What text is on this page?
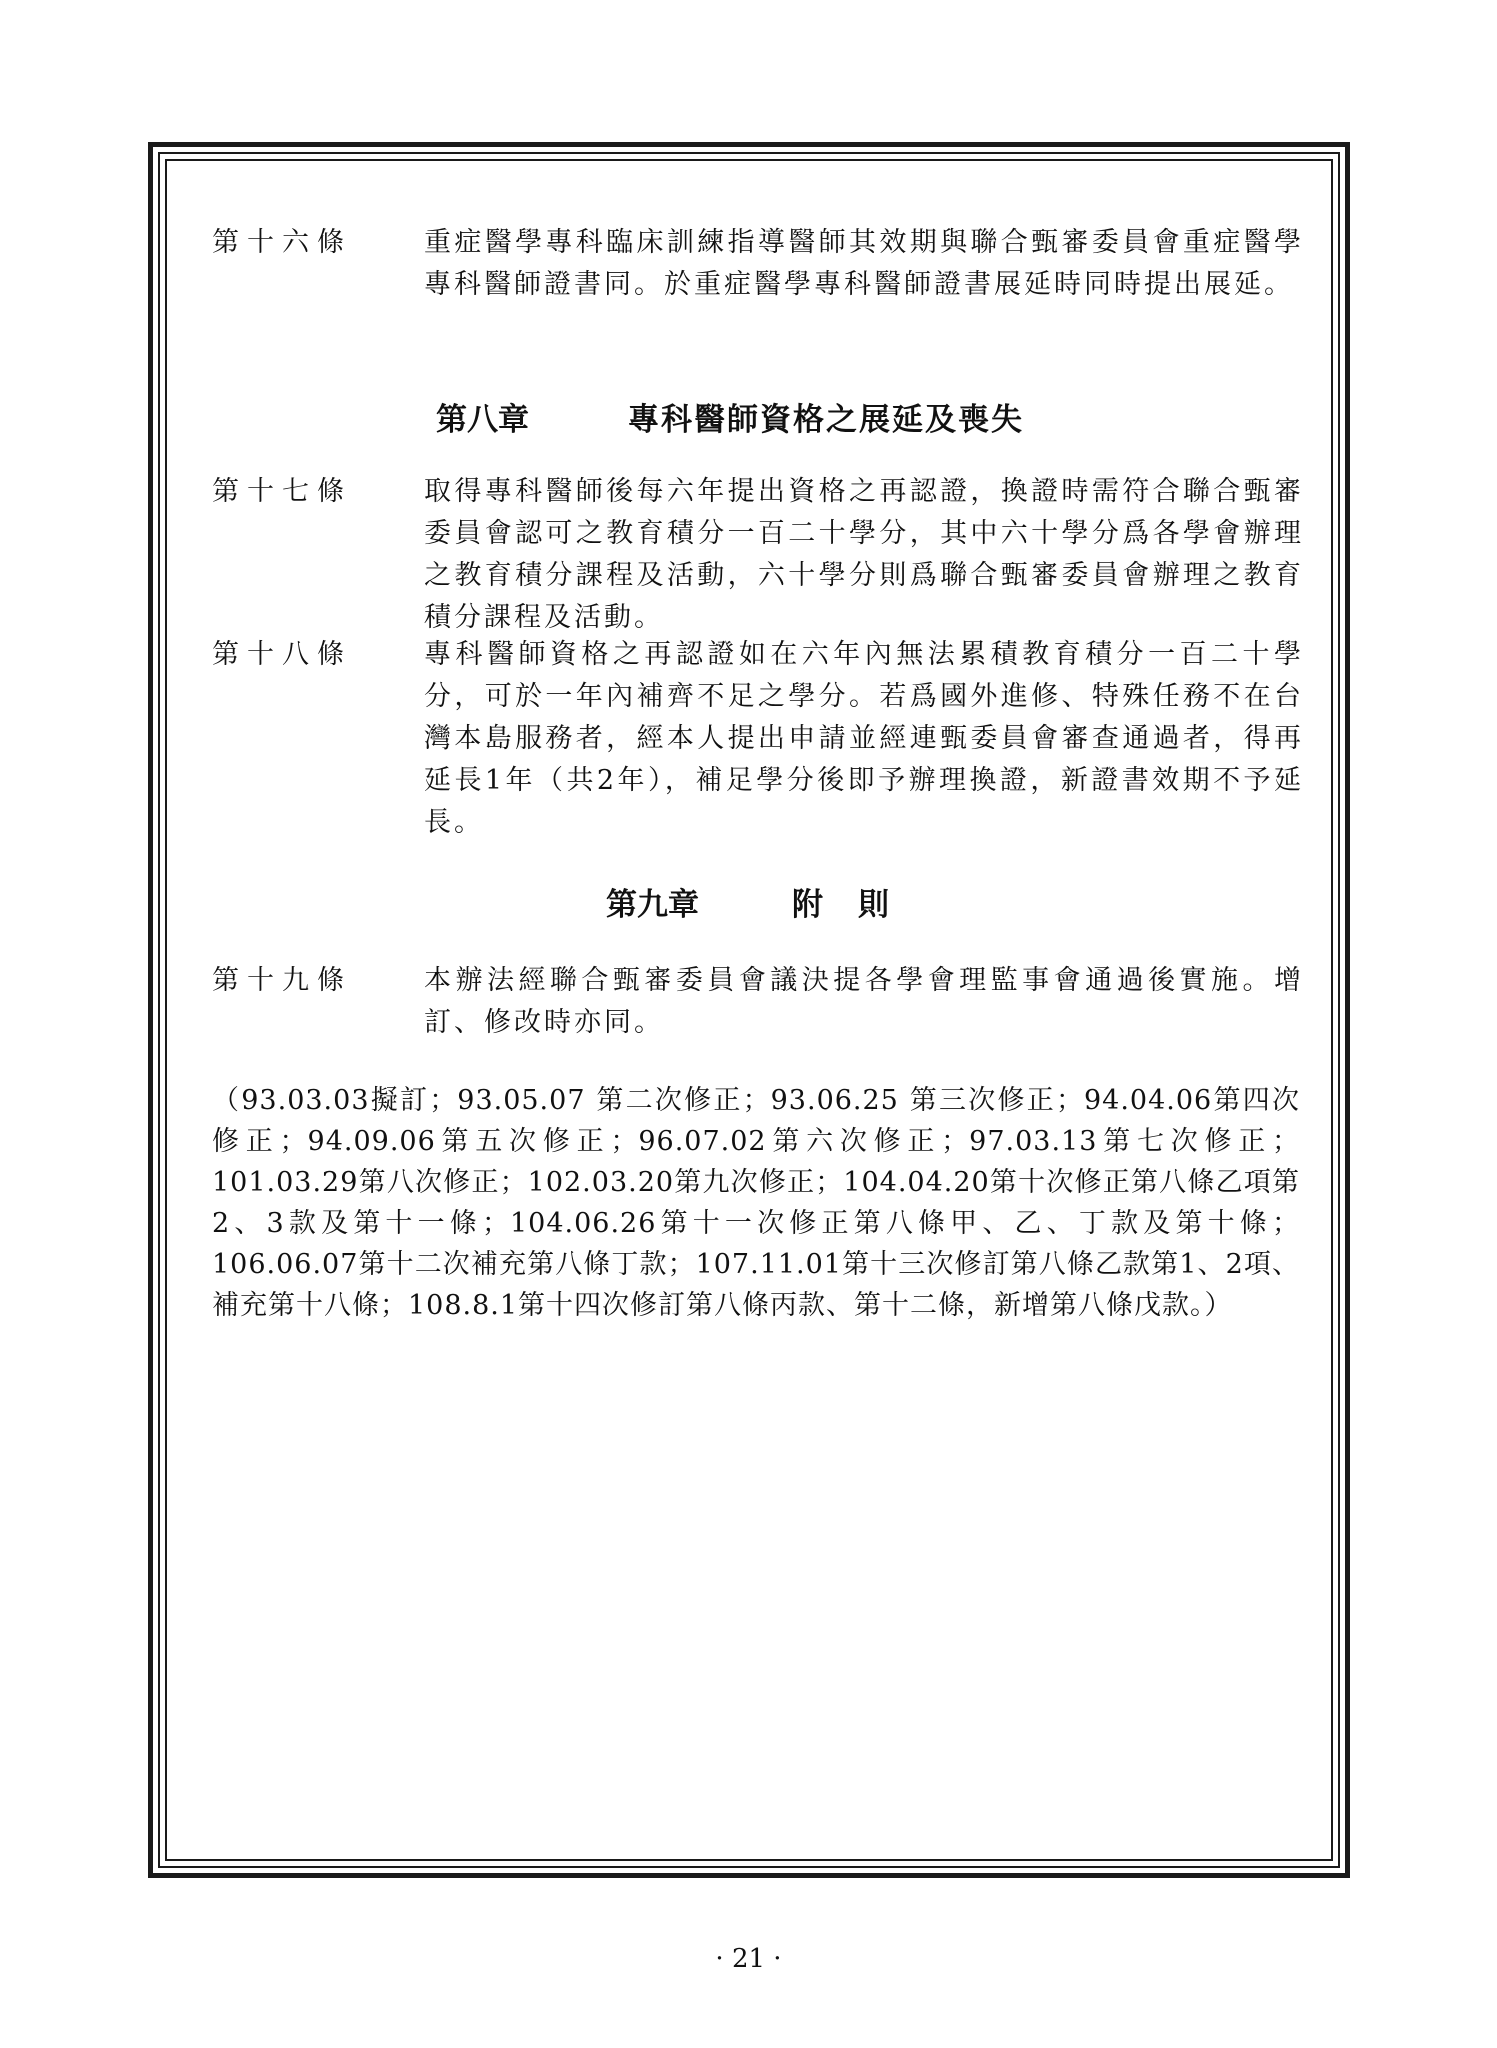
第十六條	重症醫學專科臨床訓練指導醫師其效期與聯合甄審委員會重症醫學專科醫師證書同。於重症醫學專科醫師證書展延時同時提出展延。
第八章	專科醫師資格之展延及喪失
第十七條	取得專科醫師後每六年提出資格之再認證，換證時需符合聯合甄審委員會認可之教育積分一百二十學分，其中六十學分爲各學會辦理之教育積分課程及活動，六十學分則爲聯合甄審委員會辦理之教育積分課程及活動。
第十八條	專科醫師資格之再認證如在六年內無法累積教育積分一百二十學分，可於一年內補齊不足之學分。若爲國外進修、特殊任務不在台灣本島服務者，經本人提出申請並經連甄委員會審查通過者，得再延長1年（共2年），補足學分後即予辦理換證，新證書效期不予延長。
第九章	附　則
第十九條	本辦法經聯合甄審委員會議決提各學會理監事會通過後實施。增訂、修改時亦同。
（93.03.03擬訂；93.05.07 第二次修正；93.06.25 第三次修正；94.04.06第四次修正；94.09.06第五次修正；96.07.02第六次修正；97.03.13第七次修正；101.03.29第八次修正；102.03.20第九次修正；104.04.20第十次修正第八條乙項第2、3款及第十一條；104.06.26第十一次修正第八條甲、乙、丁款及第十條；106.06.07第十二次補充第八條丁款；107.11.01第十三次修訂第八條乙款第1、2項、補充第十八條；108.8.1第十四次修訂第八條丙款、第十二條，新增第八條戊款。）
· 21 ·
